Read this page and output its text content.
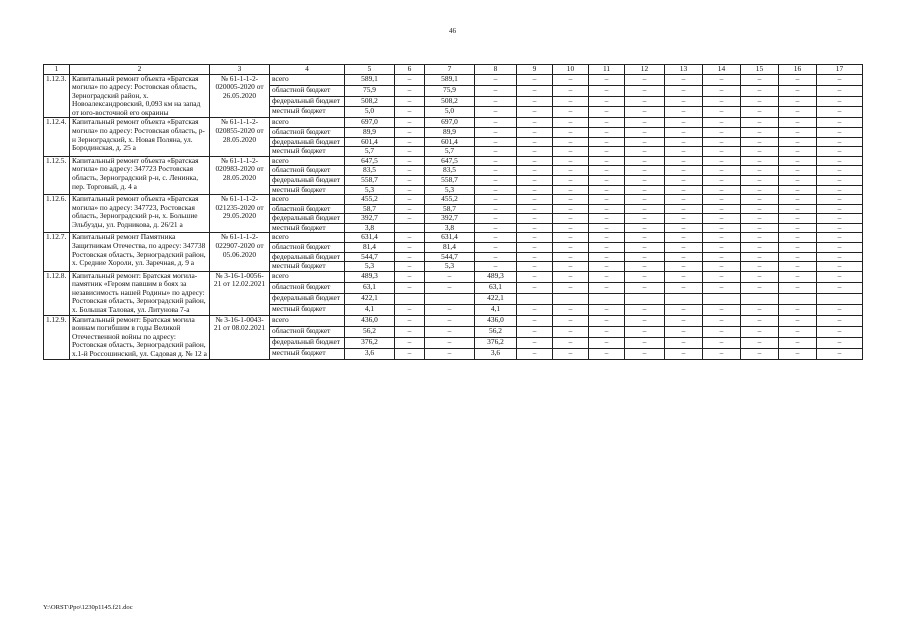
46
1	2	3	4	5	6	7	8	9	10	11	12	13	14	15	16	17
1.12.3.	Капитальный ремонт объекта «Братская могила» по адресу: Ростовская область, Зерноградский район, х. Новоалександровский, 0,093 км на запад от юго-восточной его окраины	№ 61-1-1-2-020005-2020 от 26.05.2020	всего	589,1	–	589,1	–	–	–	–	–	–	–	–	–	–
			областной бюджет	75,9	–	75,9	–	–	–	–	–	–	–	–	–	–
			федеральный бюджет	508,2	–	508,2	–	–	–	–	–	–	–	–	–	–
			местный бюджет	5,0	–	5,0	–	–	–	–	–	–	–	–	–	–
1.12.4.	Капитальный ремонт объекта «Братская могила» по адресу: Ростовская область, р-н Зерноградский, х. Новая Поляна, ул. Бородинская, д. 25 а	№ 61-1-1-2-020855-2020 от 28.05.2020	всего	697,0	–	697,0	–	–	–	–	–	–	–	–	–	–
			областной бюджет	89,9	–	89,9	–	–	–	–	–	–	–	–	–	–
			федеральный бюджет	601,4	–	601,4	–	–	–	–	–	–	–	–	–	–
			местный бюджет	5,7	–	5,7	–	–	–	–	–	–	–	–	–	–
1.12.5.	Капитальный ремонт объекта «Братская могила» по адресу: 347723 Ростовская область, Зерноградский р-н, с. Ленинка, пер. Торговый, д. 4 а	№ 61-1-1-2-020983-2020 от 28.05.2020	всего	647,5	–	647,5	–	–	–	–	–	–	–	–	–	–
			областной бюджет	83,5	–	83,5	–	–	–	–	–	–	–	–	–	–
			федеральный бюджет	558,7	–	558,7	–	–	–	–	–	–	–	–	–	–
			местный бюджет	5,3	–	5,3	–	–	–	–	–	–	–	–	–	–
1.12.6.	Капитальный ремонт объекта «Братская могила» по адресу: 347723, Ростовская область, Зерноградский р-н, х. Большие Эльбузды, ул. Родникова, д. 26/21 а	№ 61-1-1-2-021235-2020 от 29.05.2020	всего	455,2	–	455,2	–	–	–	–	–	–	–	–	–	–
			областной бюджет	58,7	–	58,7	–	–	–	–	–	–	–	–	–	–
			федеральный бюджет	392,7	–	392,7	–	–	–	–	–	–	–	–	–	–
			местный бюджет	3,8		3,8	–	–	–	–	–	–	–	–	–	–
1.12.7.	Капитальный ремонт Памятника Защитникам Отечества, по адресу: 347738 Ростовская область, Зерноградский район, х. Средние Хороли, ул. Заречная, д. 9 а	№ 61-1-1-2-022907-2020 от 05.06.2020	всего	631,4	–	631,4	–	–	–	–	–	–	–	–	–	–
			областной бюджет	81,4	–	81,4	–	–	–	–	–	–	–	–	–	–
			федеральный бюджет	544,7	–	544,7	–	–	–	–	–	–	–	–	–	–
			местный бюджет	5,3	–	5,3	–	–	–	–	–	–	–	–	–	–
1.12.8.	Капитальный ремонт: Братская могила-памятник «Героям павшим в боях за независимость нашей Родины» по адресу: Ростовская область, Зерноградский район, х. Большая Таловая, ул. Литунова 7-а	№ 3-16-1-0056-21 от 12.02.2021	всего	489,3	–	–	489,3	–	–	–	–	–	–	–	–	–
			областной бюджет	63,1	–	–	63,1	–	–	–	–	–	–	–	–	–
			федеральный бюджет	422,1			422,1									
			местный бюджет	4,1	–	–	4,1	–	–	–	–	–	–	–	–	–
1.12.9.	Капитальный ремонт: Братская могила воинам погибшим в годы Великой Отечественной войны по адресу: Ростовская область, Зерноградский район, х.1-й Россошинский, ул. Садовая д. № 12 а	№ 3-16-1-0043-21 от 08.02.2021	всего	436,0	–	–	436,0	–	–	–	–	–	–	–	–	–
			областной бюджет	56,2	–	–	56,2	–	–	–	–	–	–	–	–	–
			федеральный бюджет	376,2	–	–	376,2	–	–	–	–	–	–	–	–	–
			местный бюджет	3,6	–	–	3,6	–	–	–	–	–	–	–	–	–
Y:\ORST\Ppo\1230p1145.f21.doc
